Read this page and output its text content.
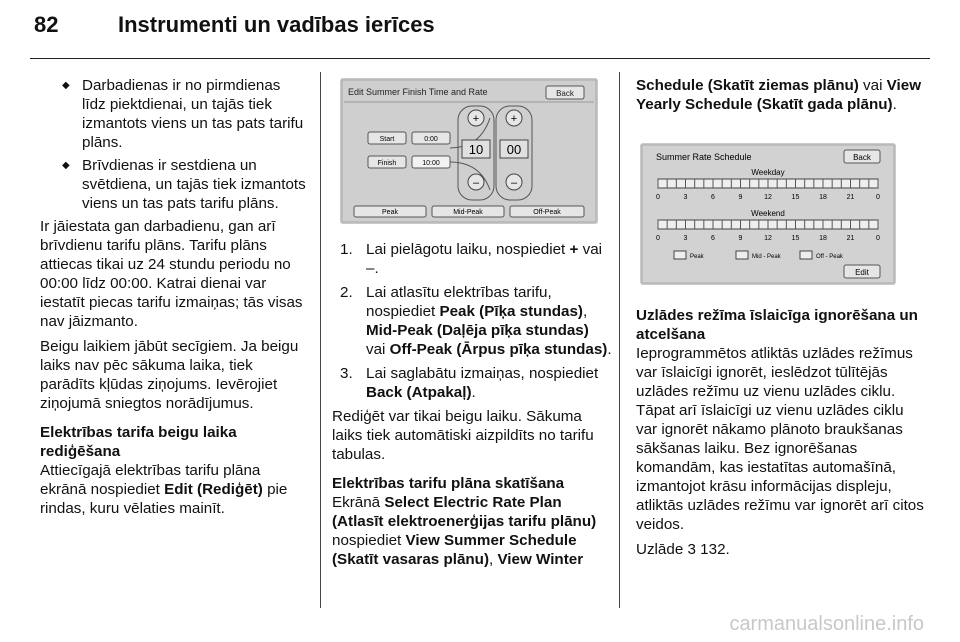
82	Instrumenti un vadības ierīces
◆ Darbadienas ir no pirmdienas līdz piektdienai, un tajās tiek izmantots viens un tas pats tarifu plāns.
◆ Brīvdienas ir sestdiena un svētdiena, un tajās tiek izmantots viens un tas pats tarifu plāns.

Ir jāiestata gan darbadienu, gan arī brīvdienu tarifu plāns. Tarifu plāns attiecas tikai uz 24 stundu periodu no 00:00 līdz 00:00. Katrai dienai var iestatīt piecas tarifu izmaiņas; tās visas nav jāizmanto.

Beigu laikiem jābūt secīgiem. Ja beigu laiks nav pēc sākuma laika, tiek parādīts kļūdas ziņojums. Ievērojiet ziņojumā sniegtos norādījumus.

Elektrības tarifa beigu laika rediģēšana

Attiecīgajā elektrības tarifu plāna ekrānā nospiediet Edit (Rediģēt) pie rindas, kuru vēlaties mainīt.

Edit Summer Finish Time and Rate	Back
Start	0:00
Finish	10:00
+
10
–
+
00
–
Peak	Mid-Peak	Off-Peak
1. Lai pielāgotu laiku, nospiediet + vai –.
2. Lai atlasītu elektrības tarifu, nospiediet Peak (Pīķa stundas), Mid-Peak (Daļēja pīķa stundas) vai Off-Peak (Ārpus pīķa stundas).
3. Lai saglabātu izmaiņas, nospiediet Back (Atpakaļ).

Rediģēt var tikai beigu laiku. Sākuma laiks tiek automātiski aizpildīts no tarifu tabulas.

Elektrības tarifu plāna skatīšana

Ekrānā Select Electric Rate Plan (Atlasīt elektroenerģijas tarifu plānu) nospiediet View Summer Schedule (Skatīt vasaras plānu), View Winter

Schedule (Skatīt ziemas plānu) vai View Yearly Schedule (Skatīt gada plānu).

Summer Rate Schedule	Back
Weekday
0	3	6	9	12	15	18	21	0
Weekend
0	3	6	9	12	15	18	21	0
Peak	Mid - Peak	Off - Peak
Edit

Uzlādes režīma īslaicīga ignorēšana un atcelšana

Ieprogrammētos atliktās uzlādes režīmus var īslaicīgi ignorēt, ieslēdzot tūlītējās uzlādes režīmu uz vienu uzlādes ciklu. Tāpat arī īslaicīgi uz vienu uzlādes ciklu var ignorēt nākamo plānoto braukšanas sākšanas laiku. Bez ignorēšanas komandām, kas iestatītas automašīnā, izmantojot krāsu informācijas displeju, atliktās uzlādes režīmu var ignorēt arī citos veidos.

Uzlāde 3 132.

carmanualsonline.info
